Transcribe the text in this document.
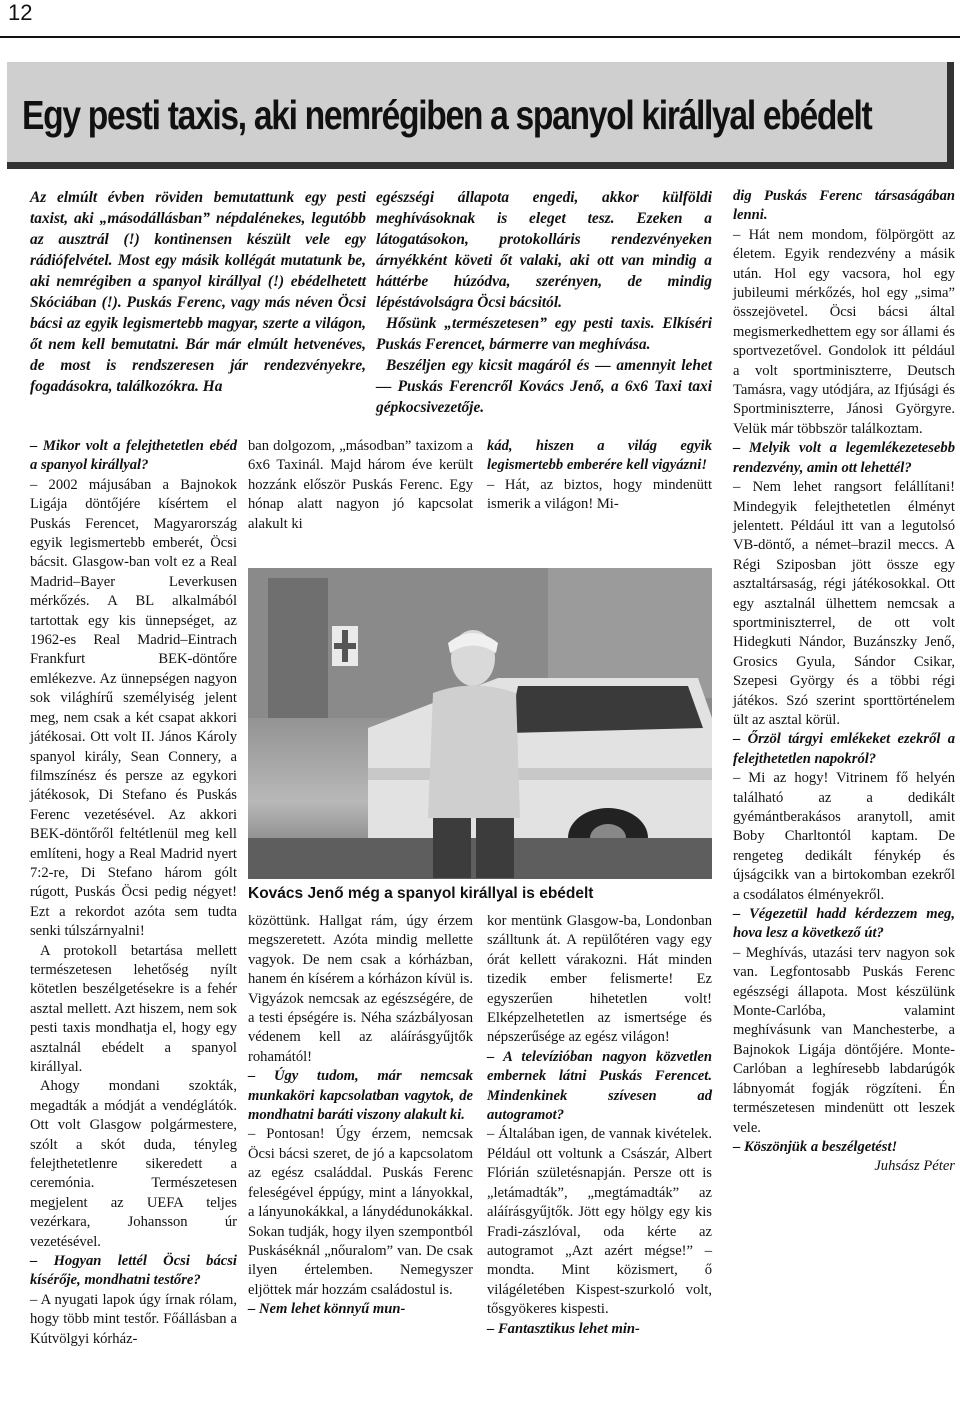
12
Egy pesti taxis, aki nemrégiben a spanyol királlyal ebédelt

Az elmúlt évben röviden bemutattunk egy pesti taxist, aki „másodállásban” népdalénekes, legutóbb az ausztrál (!) kontinensen készült vele egy rádiófelvétel. Most egy másik kollégát mutatunk be, aki nemrégiben a spanyol királlyal (!) ebédelhetett Skóciában (!). Puskás Ferenc, vagy más néven Öcsi bácsi az egyik legismertebb magyar, szerte a világon, őt nem kell bemutatni. Bár már elmúlt hetvenéves, de most is rendszeresen jár rendezvényekre, fogadásokra, találkozókra. Ha

egészségi állapota engedi, akkor külföldi meghívásoknak is eleget tesz. Ezeken a látogatásokon, protokolláris rendezvényeken árnyékként követi őt valaki, aki ott van mindig a háttérbe húzódva, szerényen, de mindig lépéstávolságra Öcsi bácsitól.

Hősünk „természetesen” egy pesti taxis. Elkíséri Puskás Ferencet, bármerre van meghívása.

Beszéljen egy kicsit magáról és — amennyit lehet — Puskás Ferencről Kovács Jenő, a 6x6 Taxi taxi gépkocsivezetője.

– Mikor volt a felejthetetlen ebéd a spanyol királlyal?

– 2002 májusában a Bajnokok Ligája döntőjére kísértem el Puskás Ferencet, Magyarország egyik legismertebb emberét, Öcsi bácsit. Glasgow-ban volt ez a Real Madrid–Bayer Leverkusen mérkőzés. A BL alkalmából tartottak egy kis ünnepséget, az 1962-es Real Madrid–Eintrach Frankfurt BEK-döntőre emlékezve. Az ünnepségen nagyon sok világhírű személyiség jelent meg, nem csak a két csapat akkori játékosai. Ott volt II. János Károly spanyol király, Sean Connery, a filmszínész és persze az egykori játékosok, Di Stefano és Puskás Ferenc vezetésével. Az akkori BEK-döntőről feltétlenül meg kell említeni, hogy a Real Madrid nyert 7:2-re, Di Stefano három gólt rúgott, Puskás Öcsi pedig négyet! Ezt a rekordot azóta sem tudta senki túlszárnyalni!

A protokoll betartása mellett természetesen lehetőség nyílt kötetlen beszélgetésekre is a fehér asztal mellett. Azt hiszem, nem sok pesti taxis mondhatja el, hogy egy asztalnál ebédelt a spanyol királlyal.

Ahogy mondani szokták, megadták a módját a vendéglátók. Ott volt Glasgow polgármestere, szólt a skót duda, tényleg felejthetetlenre sikeredett a ceremónia. Természetesen megjelent az UEFA teljes vezérkara, Johansson úr vezetésével.

– Hogyan lettél Öcsi bácsi kísérője, mondhatni testőre?

– A nyugati lapok úgy írnak rólam, hogy több mint testőr. Főállásban a Kútvölgyi kórház-

ban dolgozom, „másodban” taxizom a 6x6 Taxinál. Majd három éve került hozzánk először Puskás Ferenc. Egy hónap alatt nagyon jó kapcsolat alakult ki

kád, hiszen a világ egyik legismertebb emberére kell vigyázni!

– Hát, az biztos, hogy mindenütt ismerik a világon! Mi-

Kovács Jenő még a spanyol királlyal is ebédelt

közöttünk. Hallgat rám, úgy érzem megszeretett. Azóta mindig mellette vagyok. De nem csak a kórházban, hanem én kísérem a kórházon kívül is. Vigyázok nemcsak az egészségére, de a testi épségére is. Néha százbályosan védenem kell az aláírásgyűjtők rohamától!

– Úgy tudom, már nemcsak munkaköri kapcsolatban vagytok, de mondhatni baráti viszony alakult ki.

– Pontosan! Úgy érzem, nemcsak Öcsi bácsi szeret, de jó a kapcsolatom az egész családdal. Puskás Ferenc feleségével éppúgy, mint a lányokkal, a lányunokákkal, a lánydédunokákkal. Sokan tudják, hogy ilyen szempontból Puskáséknál „nőuralom” van. De csak ilyen értelemben. Nemegyszer eljöttek már hozzám családostul is.

– Nem lehet könnyű mun-

kor mentünk Glasgow-ba, Londonban szálltunk át. A repülőtéren vagy egy órát kellett várakozni. Hát minden tizedik ember felismerte! Ez egyszerűen hihetetlen volt! Elképzelhetetlen az ismertsége és népszerűsége az egész világon!

– A televízióban nagyon közvetlen embernek látni Puskás Ferencet. Mindenkinek szívesen ad autogramot?

– Általában igen, de vannak kivételek. Például ott voltunk a Császár, Albert Flórián születésnapján. Persze ott is „letámadták”, „megtámadták” az aláírásgyűjtők. Jött egy hölgy egy kis Fradi-zászlóval, oda kérte az autogramot „Azt azért mégse!” – mondta. Mint közismert, ő világéletében Kispest-szurkoló volt, tősgyökeres kispesti.

– Fantasztikus lehet min-

dig Puskás Ferenc társaságában lenni.

– Hát nem mondom, fölpörgött az életem. Egyik rendezvény a másik után. Hol egy vacsora, hol egy jubileumi mérkőzés, hol egy „sima” összejövetel. Öcsi bácsi által megismerkedhettem egy sor állami és sportvezetővel. Gondolok itt például a volt sportminiszterre, Deutsch Tamásra, vagy utódjára, az Ifjúsági és Sportminiszterre, Jánosi Györgyre. Velük már többször találkoztam.

– Melyik volt a legemlékezetesebb rendezvény, amin ott lehettél?

– Nem lehet rangsort felállítani! Mindegyik felejthetetlen élményt jelentett. Például itt van a legutolsó VB-döntő, a német–brazil meccs. A Régi Sziposban jött össze egy asztaltársaság, régi játékosokkal. Ott egy asztalnál ülhettem nemcsak a sportminiszterrel, de ott volt Hidegkuti Nándor, Buzánszky Jenő, Grosics Gyula, Sándor Csikar, Szepesi György és a többi régi játékos. Szó szerint sporttörténelem ült az asztal körül.

– Őrzöl tárgyi emlékeket ezekről a felejthetetlen napokról?

– Mi az hogy! Vitrinem fő helyén található az a dedikált gyémántberakásos aranytoll, amit Boby Charltontól kaptam. De rengeteg dedikált fénykép és újságcikk van a birtokomban ezekről a csodálatos élményekről.

– Végezetül hadd kérdezzem meg, hova lesz a következő út?

– Meghívás, utazási terv nagyon sok van. Legfontosabb Puskás Ferenc egészségi állapota. Most készülünk Monte-Carlóba, valamint meghívásunk van Manchesterbe, a Bajnokok Ligája döntőjére. Monte-Carlóban a leghíresebb labdarúgók lábnyomát fogják rögzíteni. Én természetesen mindenütt ott leszek vele.

– Köszönjük a beszélgetést!

Juhsász Péter
